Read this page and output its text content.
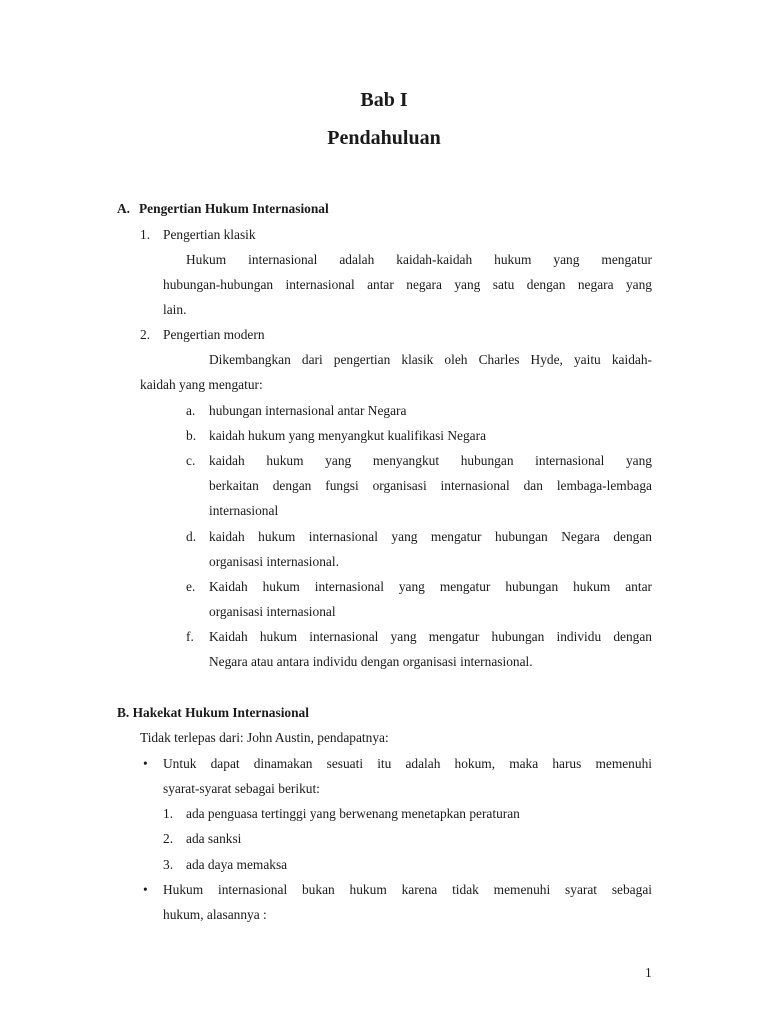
Bab I
Pendahuluan
A. Pengertian Hukum Internasional
1. Pengertian klasik
Hukum internasional adalah kaidah-kaidah hukum yang mengatur
hubungan-hubungan internasional antar negara yang satu dengan negara yang
lain.
2. Pengertian modern
Dikembangkan dari pengertian klasik oleh Charles Hyde, yaitu kaidah-
kaidah yang mengatur:
a. hubungan internasional antar Negara
b. kaidah hukum yang menyangkut kualifikasi Negara
c. kaidah hukum yang menyangkut hubungan internasional yang
berkaitan dengan fungsi organisasi internasional dan lembaga-lembaga
internasional
d. kaidah hukum internasional yang mengatur hubungan Negara dengan
organisasi internasional.
e. Kaidah hukum internasional yang mengatur hubungan hukum antar
organisasi internasional
f. Kaidah hukum internasional yang mengatur hubungan individu dengan
Negara atau antara individu dengan organisasi internasional.
B. Hakekat Hukum Internasional
Tidak terlepas dari: John Austin, pendapatnya:
• Untuk dapat dinamakan sesuati itu adalah hokum, maka harus memenuhi
syarat-syarat sebagai berikut:
1. ada penguasa tertinggi yang berwenang menetapkan peraturan
2. ada sanksi
3. ada daya memaksa
• Hukum internasional bukan hukum karena tidak memenuhi syarat sebagai
hukum, alasannya :
1
